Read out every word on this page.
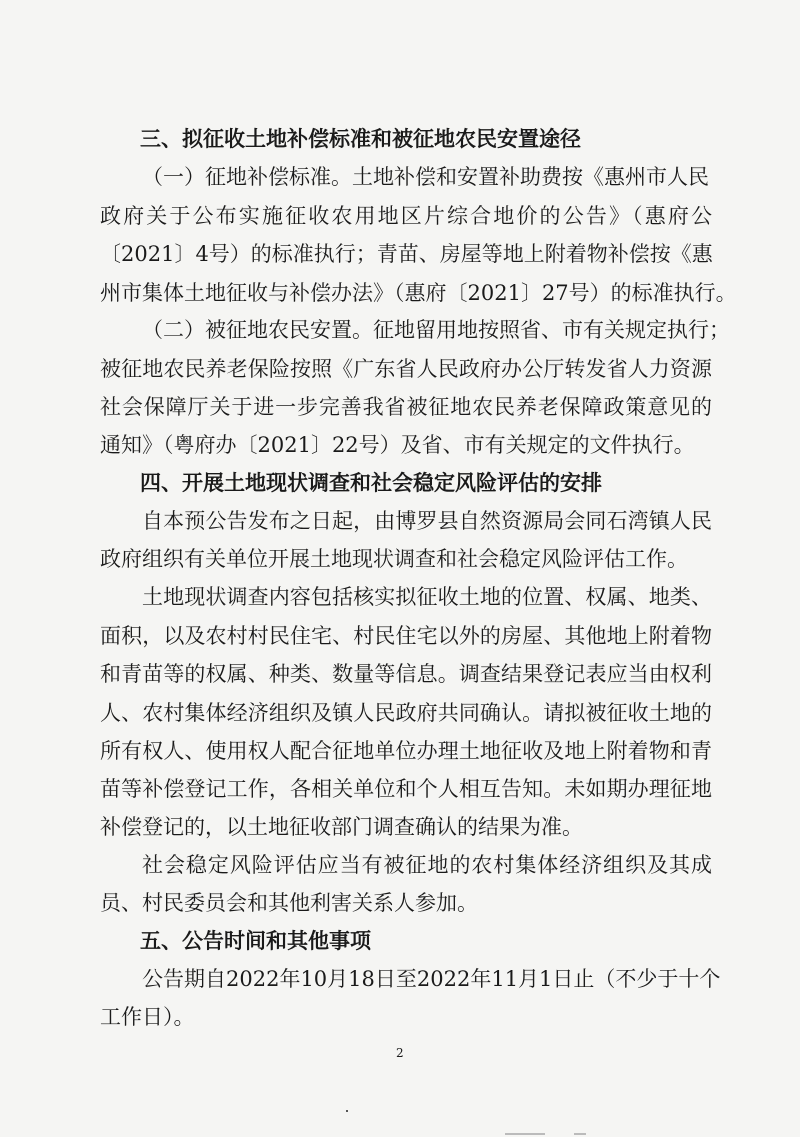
三、拟征收土地补偿标准和被征地农民安置途径
（一）征地补偿标准。土地补偿和安置补助费按《惠州市人民
政府关于公布实施征收农用地区片综合地价的公告》（惠府公
〔2021〕4号）的标准执行；青苗、房屋等地上附着物补偿按《惠
州市集体土地征收与补偿办法》（惠府〔2021〕27号）的标准执行。
（二）被征地农民安置。征地留用地按照省、市有关规定执行；
被征地农民养老保险按照《广东省人民政府办公厅转发省人力资源
社会保障厅关于进一步完善我省被征地农民养老保障政策意见的
通知》（粤府办〔2021〕22号）及省、市有关规定的文件执行。
四、开展土地现状调查和社会稳定风险评估的安排
自本预公告发布之日起，由博罗县自然资源局会同石湾镇人民
政府组织有关单位开展土地现状调查和社会稳定风险评估工作。
土地现状调查内容包括核实拟征收土地的位置、权属、地类、
面积，以及农村村民住宅、村民住宅以外的房屋、其他地上附着物
和青苗等的权属、种类、数量等信息。调查结果登记表应当由权利
人、农村集体经济组织及镇人民政府共同确认。请拟被征收土地的
所有权人、使用权人配合征地单位办理土地征收及地上附着物和青
苗等补偿登记工作，各相关单位和个人相互告知。未如期办理征地
补偿登记的，以土地征收部门调查确认的结果为准。
社会稳定风险评估应当有被征地的农村集体经济组织及其成
员、村民委员会和其他利害关系人参加。
五、公告时间和其他事项
公告期自2022年10月18日至2022年11月1日止（不少于十个
工作日）。
2
